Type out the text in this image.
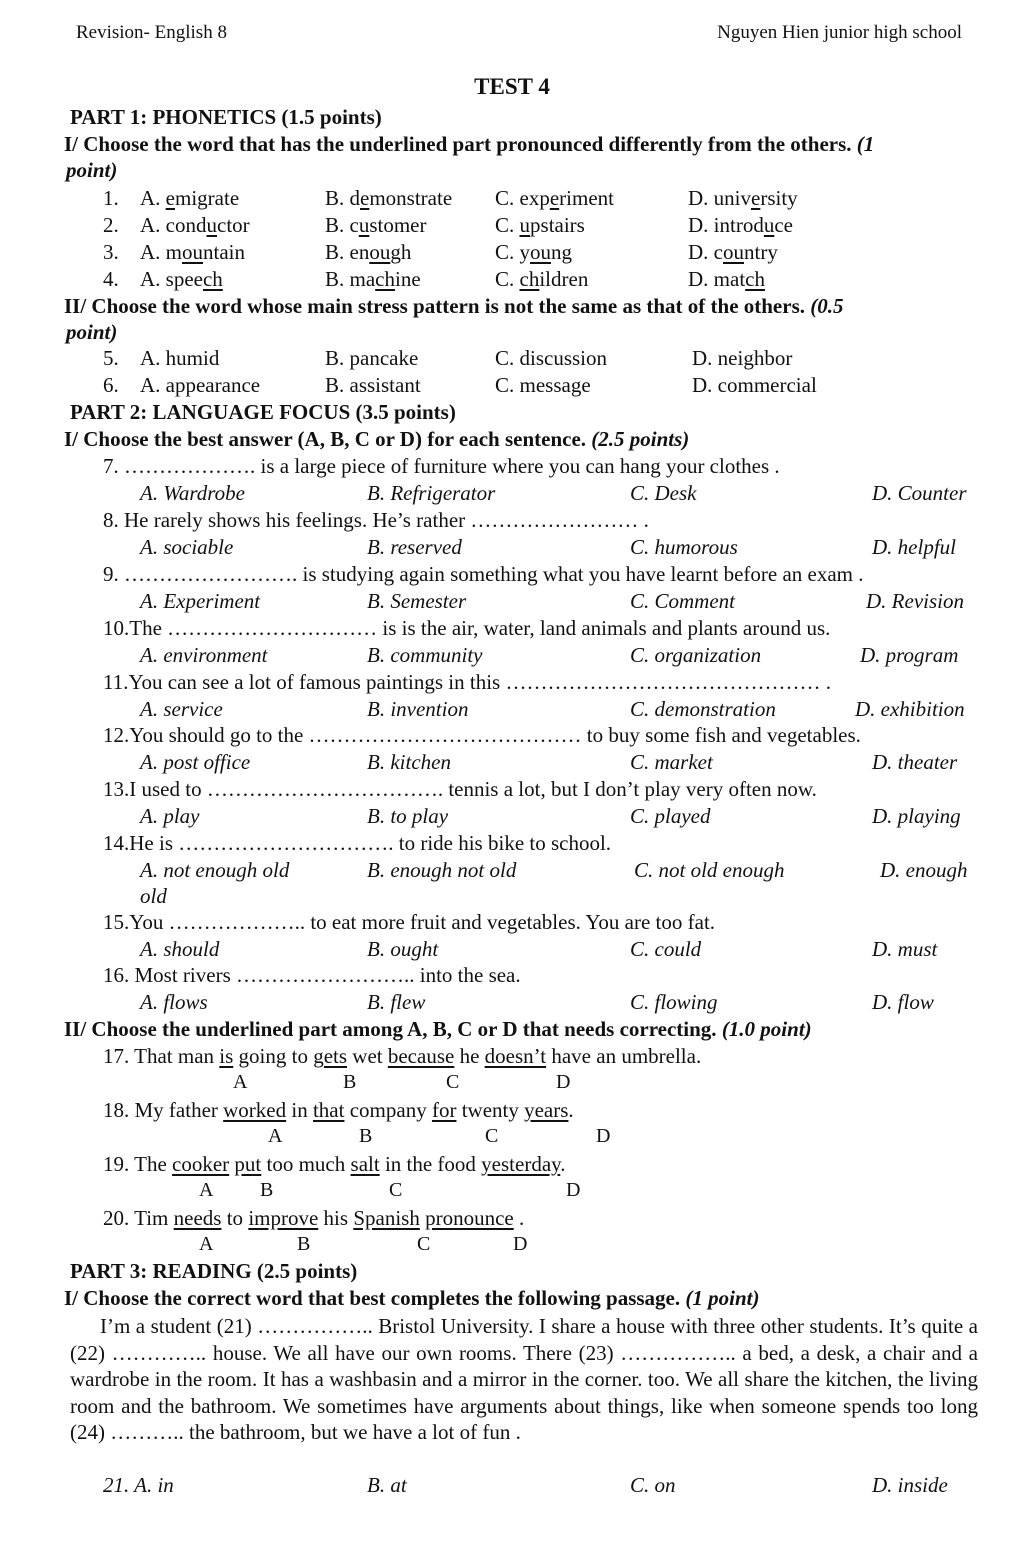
Revision- English 8	Nguyen Hien junior high school
TEST 4
PART 1: PHONETICS (1.5 points)
I/ Choose the word that has the underlined part pronounced differently from the others. (1
point)
1. A. emigrate	B. demonstrate C. experiment	D. university
2. A. conductor	B. customer	C. upstairs	D. introduce
3. A. mountain	B. enough	C. young	D. country
4. A. speech	B. machine	C. children	D. match
II/ Choose the word whose main stress pattern is not the same as that of the others. (0.5
point)
5. A. humid	B. pancake	C. discussion	D. neighbor
6. A. appearance	B. assistant	C. message	D. commercial
PART 2: LANGUAGE FOCUS (3.5 points)
I/ Choose the best answer (A, B, C or D) for each sentence. (2.5 points)
7. ………………. is a large piece of furniture where you can hang your clothes .
A. Wardrobe	B. Refrigerator	C. Desk	D. Counter
8. He rarely shows his feelings. He’s rather …………………… .
A. sociable	B. reserved	C. humorous	D. helpful
9. ……………………. is studying again something what you have learnt before an exam .
A. Experiment	B. Semester	C. Comment	D. Revision
10.The ………………………… is is the air, water, land animals and plants around us.
A. environment	B. community	C. organization	D. program
11.You can see a lot of famous paintings in this ……………………………………… .
A. service	B. invention	C. demonstration	D. exhibition
12.You should go to the ………………………………… to buy some fish and vegetables.
A. post office	B. kitchen	C. market	D. theater
13.I used to ……………………………. tennis a lot, but I don’t play very often now.
A. play	B. to play	C. played	D. playing
14.He is …………………………. to ride his bike to school.
A. not enough old	B. enough not old	C. not old enough	D. enough
old
15.You ……………….. to eat more fruit and vegetables. You are too fat.
A. should	B. ought	C. could	D. must
16. Most rivers …………………….. into the sea.
A. flows	B. flew	C. flowing	D. flow
II/ Choose the underlined part among A, B, C or D that needs correcting. (1.0 point)
17. That man is going to gets wet because he doesn’t have an umbrella.
A	B	C	D
18. My father worked in that company for twenty years.
A	B	C	D
19. The cooker put too much salt in the food yesterday.
A B	C	D
20. Tim needs to improve his Spanish pronounce .
A	B	C	D
PART 3: READING (2.5 points)
I/ Choose the correct word that best completes the following passage. (1 point)
I’m a student (21) …………….. Bristol University. I share a house with three other students. It’s quite a (22) ………….. house. We all have our own rooms. There (23) …………….. a bed, a desk, a chair and a wardrobe in the room. It has a washbasin and a mirror in the corner. too. We all share the kitchen, the living room and the bathroom. We sometimes have arguments about things, like when someone spends too long (24) ……….. the bathroom, but we have a lot of fun .
21. A. in	B. at	C. on	D. inside
